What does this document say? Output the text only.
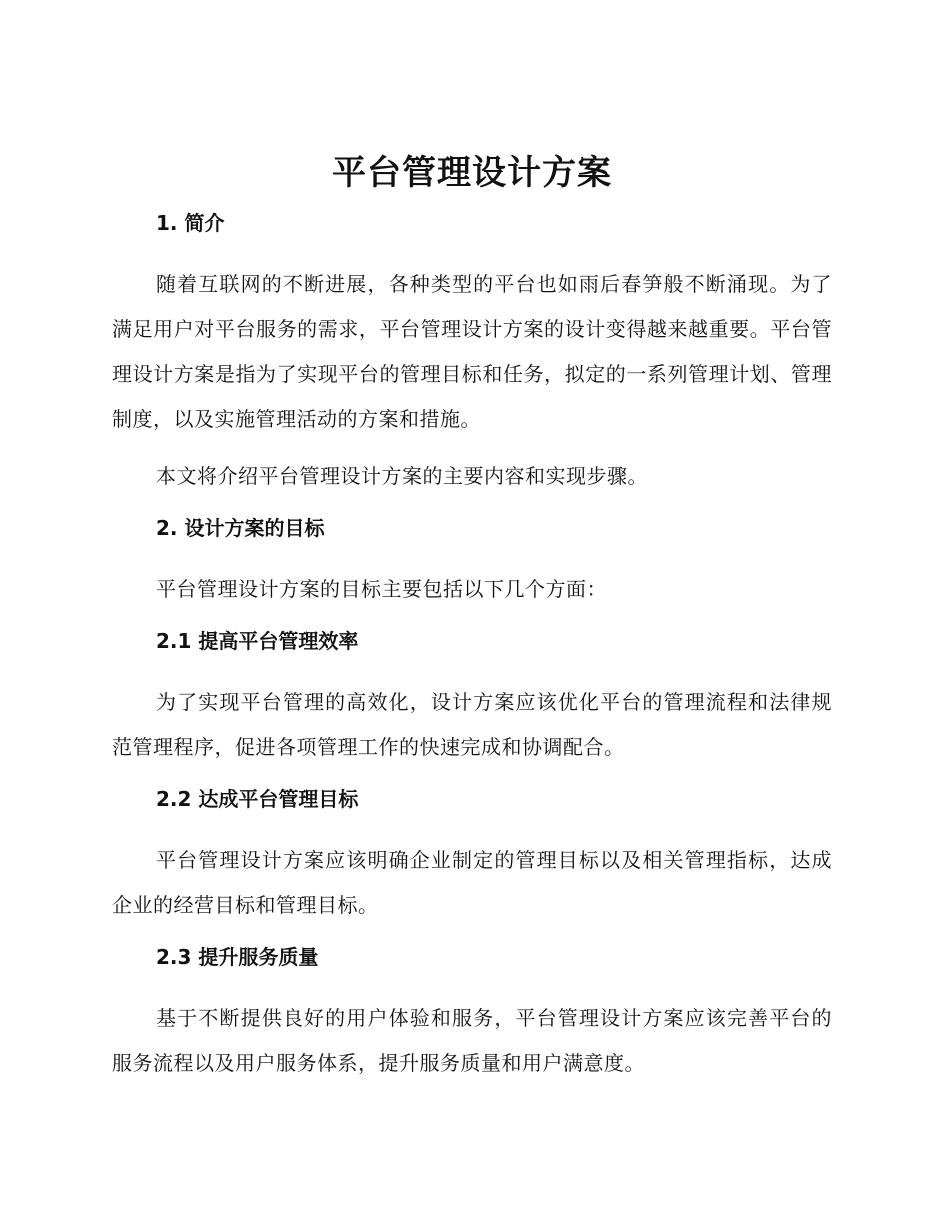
平台管理设计方案
1. 简介

随着互联网的不断进展，各种类型的平台也如雨后春笋般不断涌现。为了满足用户对平台服务的需求，平台管理设计方案的设计变得越来越重要。平台管理设计方案是指为了实现平台的管理目标和任务，拟定的一系列管理计划、管理制度，以及实施管理活动的方案和措施。

本文将介绍平台管理设计方案的主要内容和实现步骤。

2. 设计方案的目标

平台管理设计方案的目标主要包括以下几个方面：

2.1 提高平台管理效率

为了实现平台管理的高效化，设计方案应该优化平台的管理流程和法律规范管理程序，促进各项管理工作的快速完成和协调配合。

2.2 达成平台管理目标

平台管理设计方案应该明确企业制定的管理目标以及相关管理指标，达成企业的经营目标和管理目标。

2.3 提升服务质量

基于不断提供良好的用户体验和服务，平台管理设计方案应该完善平台的服务流程以及用户服务体系，提升服务质量和用户满意度。
